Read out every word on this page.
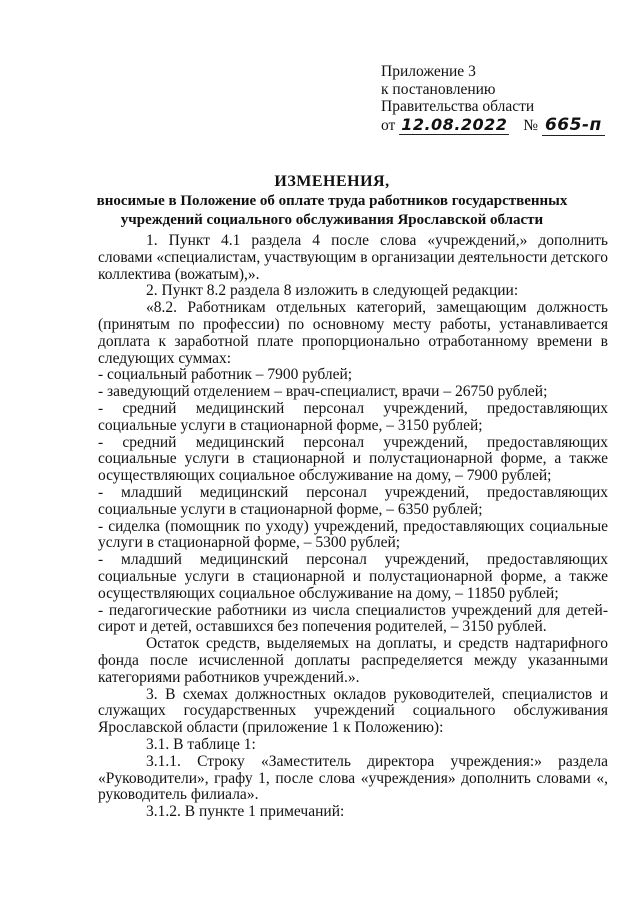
Приложение 3
к постановлению
Правительства области
от 12.08.2022 № 665-п
ИЗМЕНЕНИЯ,
вносимые в Положение об оплате труда работников государственных учреждений социального обслуживания Ярославской области

1. Пункт 4.1 раздела 4 после слова «учреждений,» дополнить словами «специалистам, участвующим в организации деятельности детского коллектива (вожатым),».

2. Пункт 8.2 раздела 8 изложить в следующей редакции:

«8.2. Работникам отдельных категорий, замещающим должность (принятым по профессии) по основному месту работы, устанавливается доплата к заработной плате пропорционально отработанному времени в следующих суммах:

- социальный работник – 7900 рублей;

- заведующий отделением – врач-специалист, врачи – 26750 рублей;

- средний медицинский персонал учреждений, предоставляющих социальные услуги в стационарной форме, – 3150 рублей;

- средний медицинский персонал учреждений, предоставляющих социальные услуги в стационарной и полустационарной форме, а также осуществляющих социальное обслуживание на дому, – 7900 рублей;

- младший медицинский персонал учреждений, предоставляющих социальные услуги в стационарной форме, – 6350 рублей;

- сиделка (помощник по уходу) учреждений, предоставляющих социальные услуги в стационарной форме, – 5300 рублей;

- младший медицинский персонал учреждений, предоставляющих социальные услуги в стационарной и полустационарной форме, а также осуществляющих социальное обслуживание на дому, – 11850 рублей;

- педагогические работники из числа специалистов учреждений для детей-сирот и детей, оставшихся без попечения родителей, – 3150 рублей.

Остаток средств, выделяемых на доплаты, и средств надтарифного фонда после исчисленной доплаты распределяется между указанными категориями работников учреждений.».

3. В схемах должностных окладов руководителей, специалистов и служащих государственных учреждений социального обслуживания Ярославской области (приложение 1 к Положению):

3.1. В таблице 1:

3.1.1. Строку «Заместитель директора учреждения:» раздела «Руководители», графу 1, после слова «учреждения» дополнить словами «, руководитель филиала».

3.1.2. В пункте 1 примечаний:
